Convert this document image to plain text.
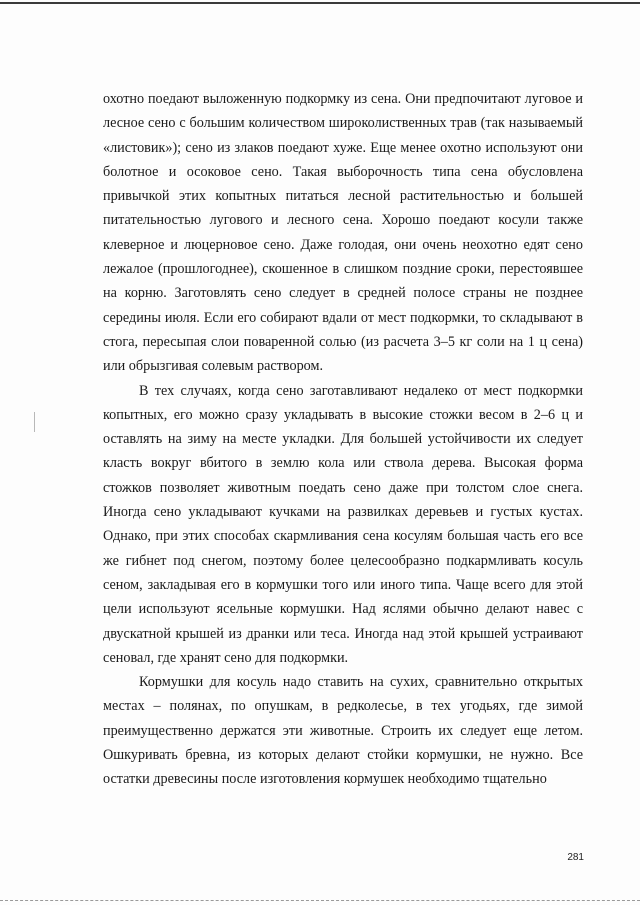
охотно поедают выложенную подкормку из сена. Они предпочитают луговое и лесное сено с большим количеством широколиственных трав (так называемый «листовик»); сено из злаков поедают хуже. Еще менее охотно используют они болотное и осоковое сено. Такая выборочность типа сена обусловлена привычкой этих копытных питаться лесной растительностью и большей питательностью лугового и лесного сена. Хорошо поедают косули также клеверное и люцерновое сено. Даже голодая, они очень неохотно едят сено лежалое (прошлогоднее), скошенное в слишком поздние сроки, перестоявшее на корню. Заготовлять сено следует в средней полосе страны не позднее середины июля. Если его собирают вдали от мест подкормки, то складывают в стога, пересыпая слои поваренной солью (из расчета 3–5 кг соли на 1 ц сена) или обрызгивая солевым раствором.

В тех случаях, когда сено заготавливают недалеко от мест подкормки копытных, его можно сразу укладывать в высокие стожки весом в 2–6 ц и оставлять на зиму на месте укладки. Для большей устойчивости их следует класть вокруг вбитого в землю кола или ствола дерева. Высокая форма стожков позволяет животным поедать сено даже при толстом слое снега. Иногда сено укладывают кучками на развилках деревьев и густых кустах. Однако, при этих способах скармливания сена косулям большая часть его все же гибнет под снегом, поэтому более целесообразно подкармливать косуль сеном, закладывая его в кормушки того или иного типа. Чаще всего для этой цели используют ясельные кормушки. Над яслями обычно делают навес с двускатной крышей из дранки или теса. Иногда над этой крышей устраивают сеновал, где хранят сено для подкормки.

Кормушки для косуль надо ставить на сухих, сравнительно открытых местах – полянах, по опушкам, в редколесье, в тех угодьях, где зимой преимущественно держатся эти животные. Строить их следует еще летом. Ошкуривать бревна, из которых делают стойки кормушки, не нужно. Все остатки древесины после изготовления кормушек необходимо тщательно

281
